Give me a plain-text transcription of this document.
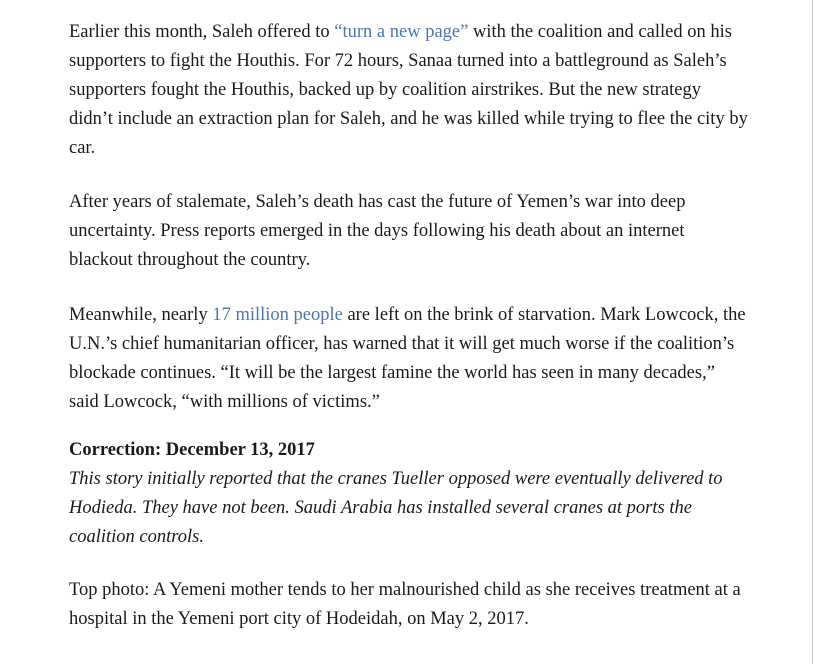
Earlier this month, Saleh offered to “turn a new page” with the coalition and called on his supporters to fight the Houthis. For 72 hours, Sanaa turned into a battleground as Saleh’s supporters fought the Houthis, backed up by coalition airstrikes. But the new strategy didn’t include an extraction plan for Saleh, and he was killed while trying to flee the city by car.

After years of stalemate, Saleh’s death has cast the future of Yemen’s war into deep uncertainty. Press reports emerged in the days following his death about an internet blackout throughout the country.

Meanwhile, nearly 17 million people are left on the brink of starvation. Mark Lowcock, the U.N.’s chief humanitarian officer, has warned that it will get much worse if the coalition’s blockade continues. “It will be the largest famine the world has seen in many decades,” said Lowcock, “with millions of victims.”

Correction: December 13, 2017

This story initially reported that the cranes Tueller opposed were eventually delivered to Hodieda. They have not been. Saudi Arabia has installed several cranes at ports the coalition controls.

Top photo: A Yemeni mother tends to her malnourished child as she receives treatment at a hospital in the Yemeni port city of Hodeidah, on May 2, 2017.
